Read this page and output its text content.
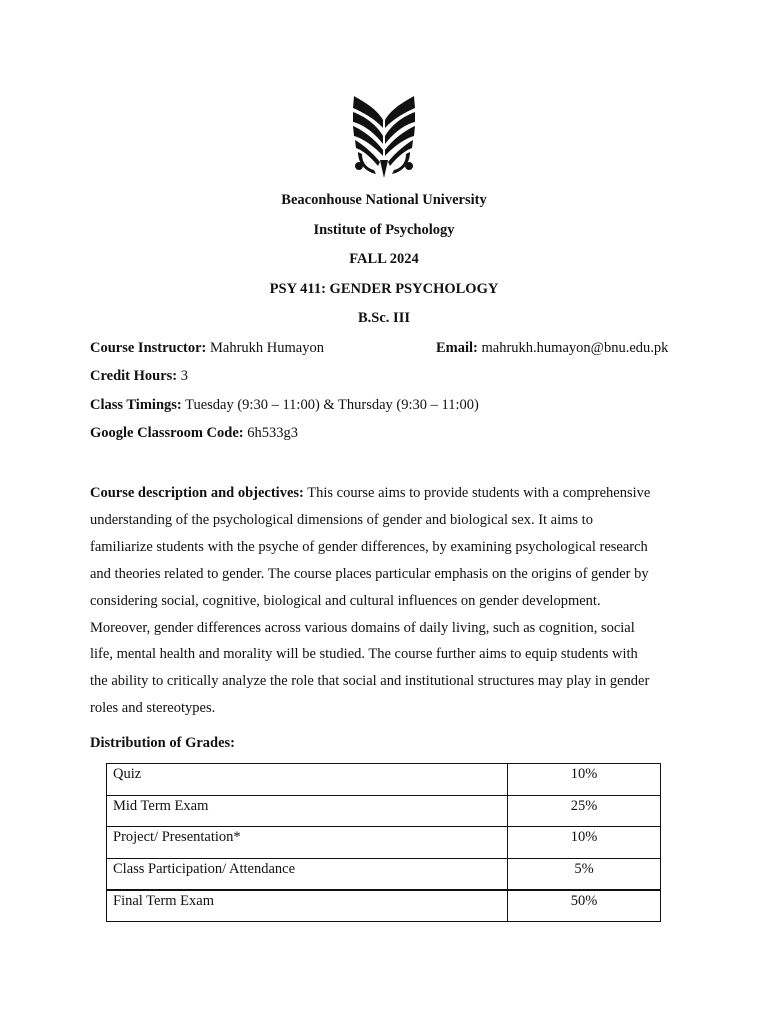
Beaconhouse National University
Institute of Psychology
FALL 2024
PSY 411: GENDER PSYCHOLOGY
B.Sc. III
Course Instructor: Mahrukh Humayon	Email: mahrukh.humayon@bnu.edu.pk
Credit Hours: 3
Class Timings: Tuesday (9:30 – 11:00) & Thursday (9:30 – 11:00)
Google Classroom Code: 6h533g3
Course description and objectives: This course aims to provide students with a comprehensive
understanding of the psychological dimensions of gender and biological sex. It aims to
familiarize students with the psyche of gender differences, by examining psychological research
and theories related to gender. The course places particular emphasis on the origins of gender by
considering social, cognitive, biological and cultural influences on gender development.
Moreover, gender differences across various domains of daily living, such as cognition, social
life, mental health and morality will be studied. The course further aims to equip students with
the ability to critically analyze the role that social and institutional structures may play in gender
roles and stereotypes.
Distribution of Grades:
Quiz	10%
Mid Term Exam	25%
Project/ Presentation*	10%
Class Participation/ Attendance	5%
Final Term Exam	50%
